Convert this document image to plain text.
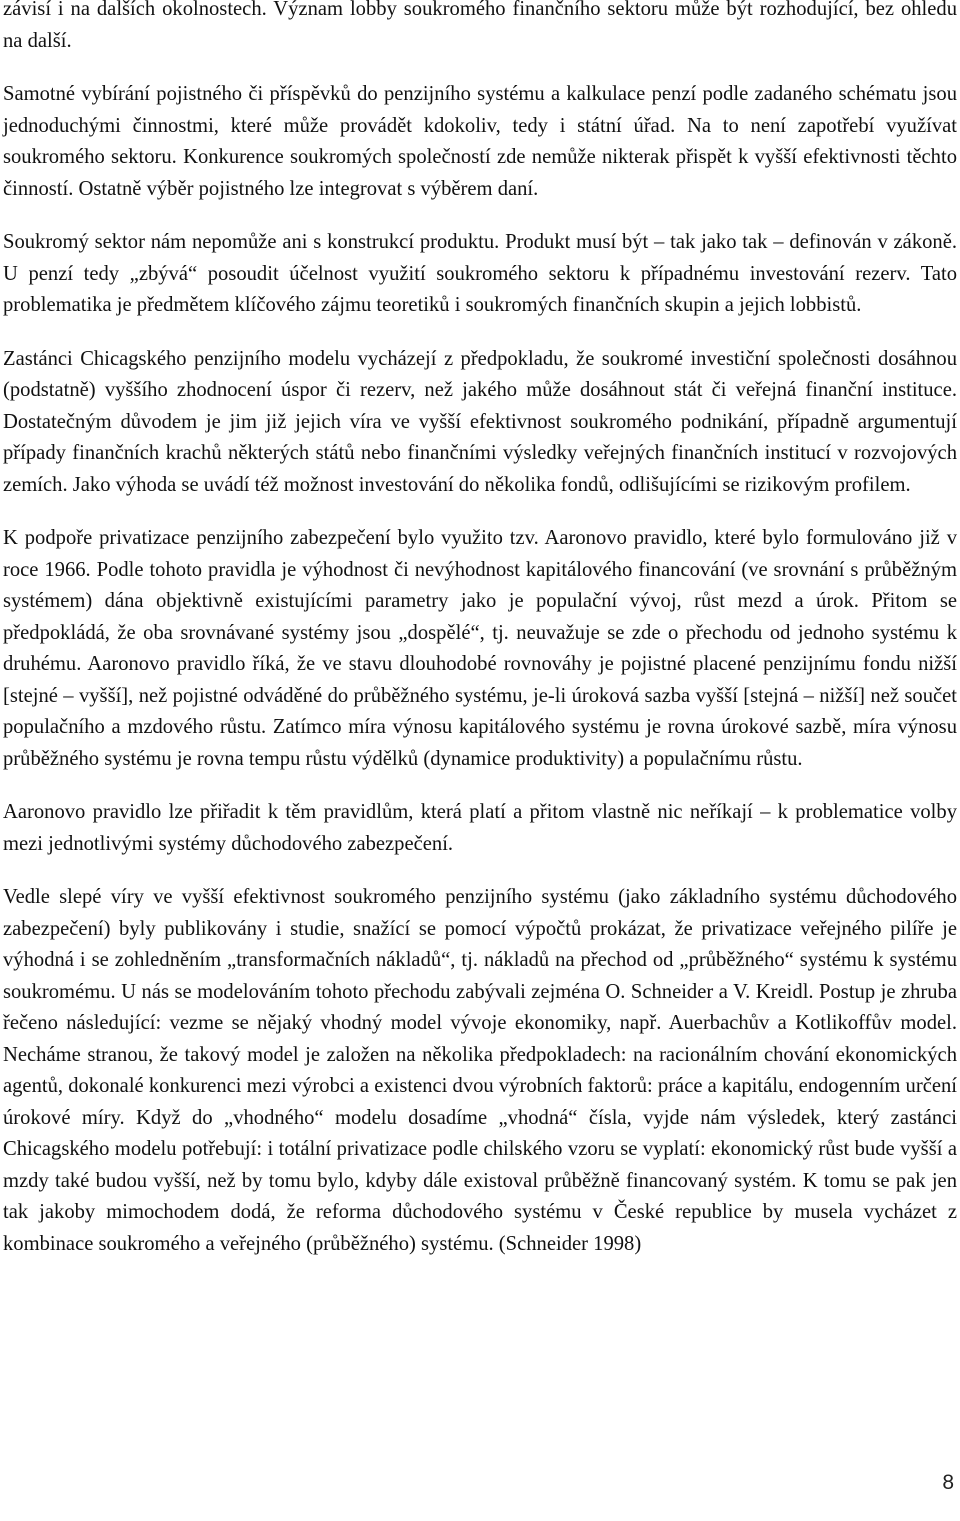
závisí i na dalších okolnostech. Význam lobby soukromého finančního sektoru může být rozhodující, bez ohledu na další.

Samotné vybírání pojistného či příspěvků do penzijního systému a kalkulace penzí podle zadaného schématu jsou jednoduchými činnostmi, které může provádět kdokoliv, tedy i státní úřad. Na to není zapotřebí využívat soukromého sektoru. Konkurence soukromých společností zde nemůže nikterak přispět k vyšší efektivnosti těchto činností. Ostatně výběr pojistného lze integrovat s výběrem daní.

Soukromý sektor nám nepomůže ani s konstrukcí produktu. Produkt musí být – tak jako tak – definován v zákoně. U penzí tedy „zbývá“ posoudit účelnost využití soukromého sektoru k případnému investování rezerv. Tato problematika je předmětem klíčového zájmu teoretiků i soukromých finančních skupin a jejich lobbistů.

Zastánci Chicagského penzijního modelu vycházejí z předpokladu, že soukromé investiční společnosti dosáhnou (podstatně) vyššího zhodnocení úspor či rezerv, než jakého může dosáhnout stát či veřejná finanční instituce. Dostatečným důvodem je jim již jejich víra ve vyšší efektivnost soukromého podnikání, případně argumentují případy finančních krachů některých států nebo finančními výsledky veřejných finančních institucí v rozvojových zemích. Jako výhoda se uvádí též možnost investování do několika fondů, odlišujícími se rizikovým profilem.

K podpoře privatizace penzijního zabezpečení bylo využito tzv. Aaronovo pravidlo, které bylo formulováno již v roce 1966. Podle tohoto pravidla je výhodnost či nevýhodnost kapitálového financování (ve srovnání s průběžným systémem) dána objektivně existujícími parametry jako je populační vývoj, růst mezd a úrok. Přitom se předpokládá, že oba srovnávané systémy jsou „dospělé“, tj. neuvažuje se zde o přechodu od jednoho systému k druhému. Aaronovo pravidlo říká, že ve stavu dlouhodobé rovnováhy je pojistné placené penzijnímu fondu nižší [stejné – vyšší], než pojistné odváděné do průběžného systému, je-li úroková sazba vyšší [stejná – nižší] než součet populačního a mzdového růstu. Zatímco míra výnosu kapitálového systému je rovna úrokové sazbě, míra výnosu průběžného systému je rovna tempu růstu výdělků (dynamice produktivity) a populačnímu růstu.

Aaronovo pravidlo lze přiřadit k těm pravidlům, která platí a přitom vlastně nic neříkají – k problematice volby mezi jednotlivými systémy důchodového zabezpečení.

Vedle slepé víry ve vyšší efektivnost soukromého penzijního systému (jako základního systému důchodového zabezpečení) byly publikovány i studie, snažící se pomocí výpočtů prokázat, že privatizace veřejného pilíře je výhodná i se zohledněním „transformačních nákladů“, tj. nákladů na přechod od „průběžného“ systému k systému soukromému. U nás se modelováním tohoto přechodu zabývali zejména O. Schneider a V. Kreidl. Postup je zhruba řečeno následující: vezme se nějaký vhodný model vývoje ekonomiky, např. Auerbachův a Kotlikoffův model. Necháme stranou, že takový model je založen na několika předpokladech: na racionálním chování ekonomických agentů, dokonalé konkurenci mezi výrobci a existenci dvou výrobních faktorů: práce a kapitálu, endogenním určení úrokové míry. Když do „vhodného“ modelu dosadíme „vhodná“ čísla, vyjde nám výsledek, který zastánci Chicagského modelu potřebují: i totální privatizace podle chilského vzoru se vyplatí: ekonomický růst bude vyšší a mzdy také budou vyšší, než by tomu bylo, kdyby dále existoval průběžně financovaný systém. K tomu se pak jen tak jakoby mimochodem dodá, že reforma důchodového systému v České republice by musela vycházet z kombinace soukromého a veřejného (průběžného) systému. (Schneider 1998)

8
